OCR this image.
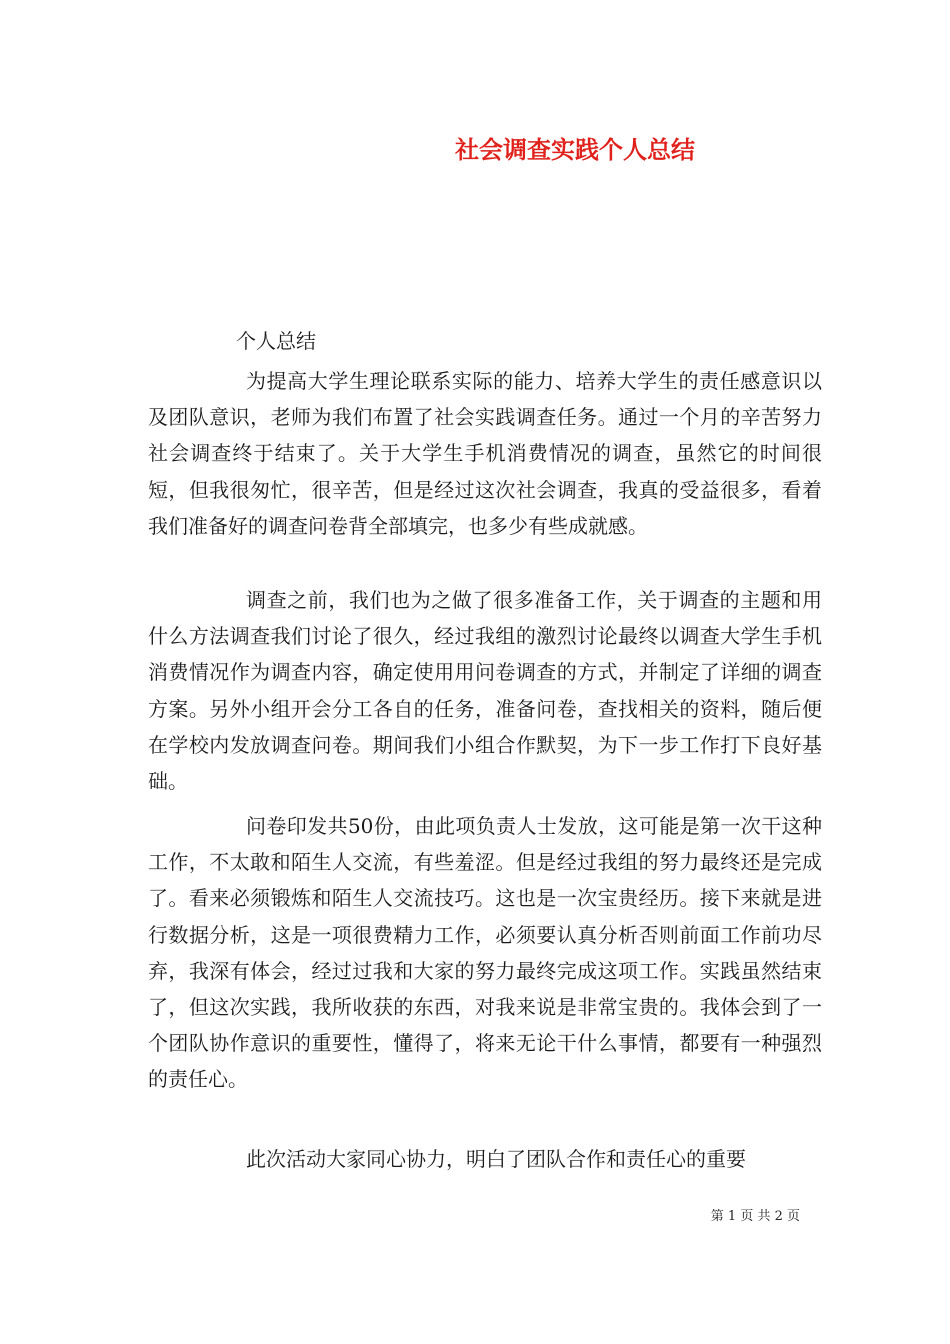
社会调查实践个人总结
个人总结

为提高大学生理论联系实际的能力、培养大学生的责任感意识以及团队意识，老师为我们布置了社会实践调查任务。通过一个月的辛苦努力社会调查终于结束了。关于大学生手机消费情况的调查，虽然它的时间很短，但我很匆忙，很辛苦，但是经过这次社会调查，我真的受益很多，看着我们准备好的调查问卷背全部填完，也多少有些成就感。

调查之前，我们也为之做了很多准备工作，关于调查的主题和用什么方法调查我们讨论了很久，经过我组的激烈讨论最终以调查大学生手机消费情况作为调查内容，确定使用用问卷调查的方式，并制定了详细的调查方案。另外小组开会分工各自的任务，准备问卷，查找相关的资料，随后便在学校内发放调查问卷。期间我们小组合作默契，为下一步工作打下良好基础。

问卷印发共50份，由此项负责人士发放，这可能是第一次干这种工作，不太敢和陌生人交流，有些羞涩。但是经过我组的努力最终还是完成了。看来必须锻炼和陌生人交流技巧。这也是一次宝贵经历。接下来就是进行数据分析，这是一项很费精力工作，必须要认真分析否则前面工作前功尽弃，我深有体会，经过过我和大家的努力最终完成这项工作。实践虽然结束了，但这次实践，我所收获的东西，对我来说是非常宝贵的。我体会到了一个团队协作意识的重要性，懂得了，将来无论干什么事情，都要有一种强烈的责任心。

此次活动大家同心协力，明白了团队合作和责任心的重要

第 1 页 共 2 页
